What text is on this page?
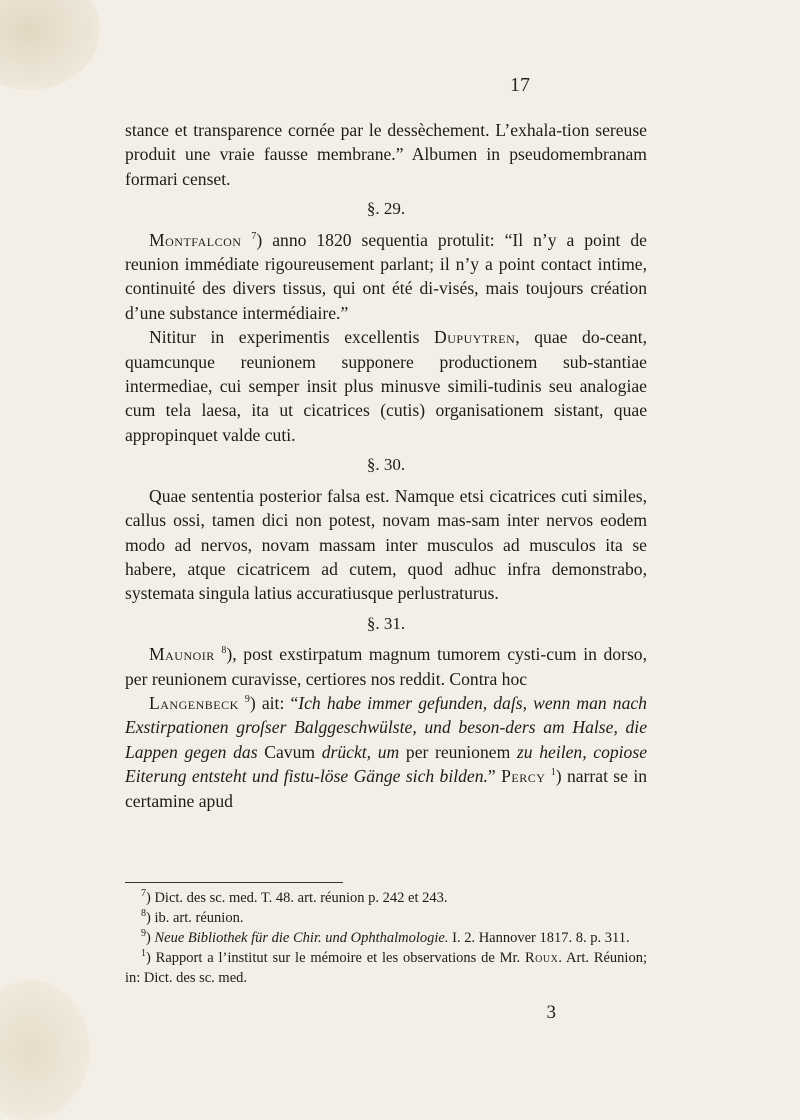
17

stance et transparence cornée par le dessèchement. L’exhala-tion sereuse produit une vraie fausse membrane.” Albumen in pseudomembranam formari censet.

§. 29.

Montfalcon $^7$) anno 1820 sequentia protulit: “Il n’y a point de reunion immédiate rigoureusement parlant; il n’y a point contact intime, continuité des divers tissus, qui ont été di-visés, mais toujours création d’une substance intermédiaire.”

Nititur in experimentis excellentis Dupuytren, quae do-ceant, quamcunque reunionem supponere productionem sub-stantiae intermediae, cui semper insit plus minusve simili-tudinis seu analogiae cum tela laesa, ita ut cicatrices (cutis) organisationem sistant, quae appropinquet valde cuti.

§. 30.

Quae sententia posterior falsa est. Namque etsi cicatrices cuti similes, callus ossi, tamen dici non potest, novam mas-sam inter nervos eodem modo ad nervos, novam massam inter musculos ad musculos ita se habere, atque cicatricem ad cutem, quod adhuc infra demonstrabo, systemata singula latius accuratiusque perlustraturus.

§. 31.

Maunoir $^8$), post exstirpatum magnum tumorem cysti-cum in dorso, per reunionem curavisse, certiores nos reddit. Contra hoc

Langenbeck $^9$) ait: “Ich habe immer gefunden, daſs, wenn man nach Exstirpationen groſser Balggeschwülste, und beson-ders am Halse, die Lappen gegen das Cavum drückt, um per reunionem zu heilen, copiose Eiterung entsteht und fistu-löse Gänge sich bilden.” Percy $^1$) narrat se in certamine apud

$^7$) Dict. des sc. med. T. 48. art. réunion p. 242 et 243.

$^8$) ib. art. réunion.

$^9$) Neue Bibliothek für die Chir. und Ophthalmologie. I. 2. Hannover 1817. 8. p. 311.

$^1$) Rapport a l’institut sur le mémoire et les observations de Mr. Roux. Art. Réunion; in: Dict. des sc. med.

3
